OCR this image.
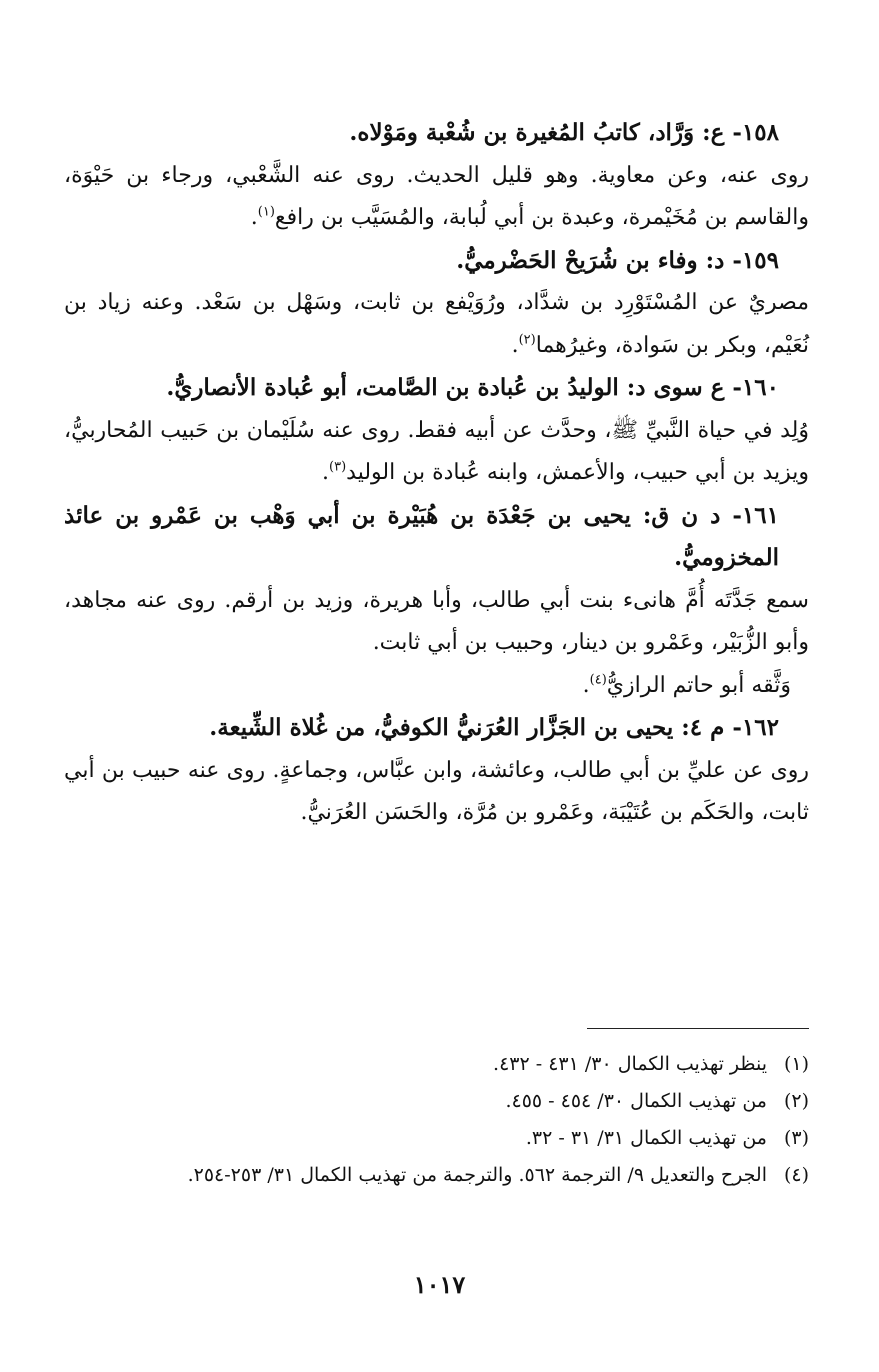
١٥٨- ع: وَرَّاد، كاتبُ المُغيرة بن شُعْبة ومَوْلاه.

روى عنه، وعن معاوية. وهو قليل الحديث. روى عنه الشَّعْبي، ورجاء بن حَيْوَة، والقاسم بن مُخَيْمرة، وعبدة بن أبي لُبابة، والمُسَيَّب بن رافع$^{(١)}$.

١٥٩- د: وفاء بن شُرَيحْ الحَضْرميُّ.

مصريٌ عن المُسْتَوْرِد بن شدَّاد، ورُوَيْفع بن ثابت، وسَهْل بن سَعْد. وعنه زياد بن نُعَيْم، وبكر بن سَوادة، وغيرُهما$^{(٢)}$.

١٦٠- ع سوى د: الوليدُ بن عُبادة بن الصَّامت، أبو عُبادة الأنصاريُّ.

وُلِد في حياة النَّبيِّ ﷺ، وحدَّث عن أبيه فقط. روى عنه سُلَيْمان بن حَبيب المُحاربيُّ، ويزيد بن أبي حبيب، والأعمش، وابنه عُبادة بن الوليد$^{(٣)}$.

١٦١- د ن ق: يحيى بن جَعْدَة بن هُبَيْرة بن أبي وَهْب بن عَمْرو بن عائذ المخزوميُّ.

سمع جَدَّتَه أُمَّ هانىء بنت أبي طالب، وأبا هريرة، وزيد بن أرقم. روى عنه مجاهد، وأبو الزُّبَيْر، وعَمْرو بن دينار، وحبيب بن أبي ثابت.

وَثَّقه أبو حاتم الرازيُّ$^{(٤)}$.

١٦٢- م ٤: يحيى بن الجَزَّار العُرَنيُّ الكوفيُّ، من غُلاة الشِّيعة.

روى عن عليِّ بن أبي طالب، وعائشة، وابن عبَّاس، وجماعةٍ. روى عنه حبيب بن أبي ثابت، والحَكَم بن عُتَيْبَة، وعَمْرو بن مُرَّة، والحَسَن العُرَنيُّ.

(١)
ينظر تهذيب الكمال ٣٠/ ٤٣١ - ٤٣٢.
(٢)
من تهذيب الكمال ٣٠/ ٤٥٤ - ٤٥٥.
(٣)
من تهذيب الكمال ٣١/ ٣١ - ٣٢.
(٤)
الجرح والتعديل ٩/ الترجمة ٥٦٢. والترجمة من تهذيب الكمال ٣١/ ٢٥٣-٢٥٤.
١٠١٧
